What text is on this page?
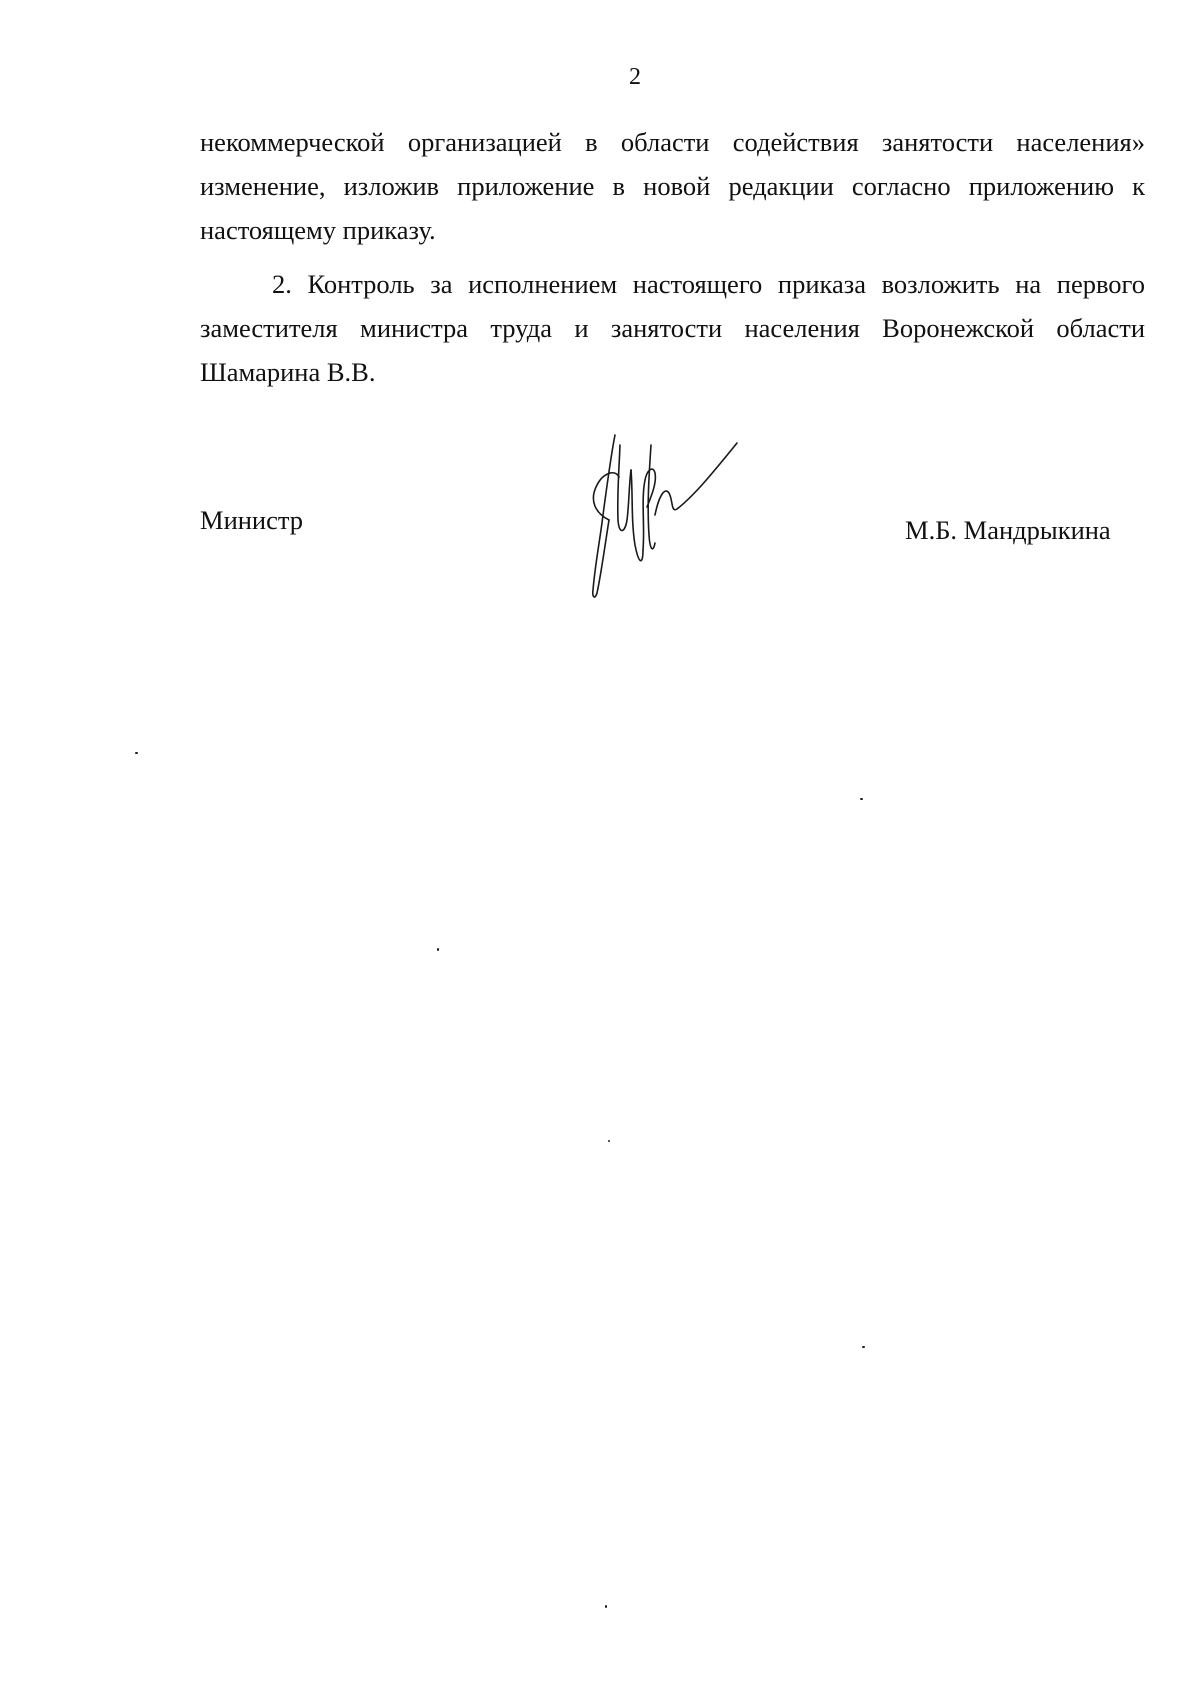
2
некоммерческой организацией в области содействия занятости населения»
изменение, изложив приложение в новой редакции согласно приложению к
настоящему приказу.
2. Контроль за исполнением настоящего приказа возложить на первого
заместителя министра труда и занятости населения Воронежской области
Шамарина В.В.
Министр	М.Б. Мандрыкина
